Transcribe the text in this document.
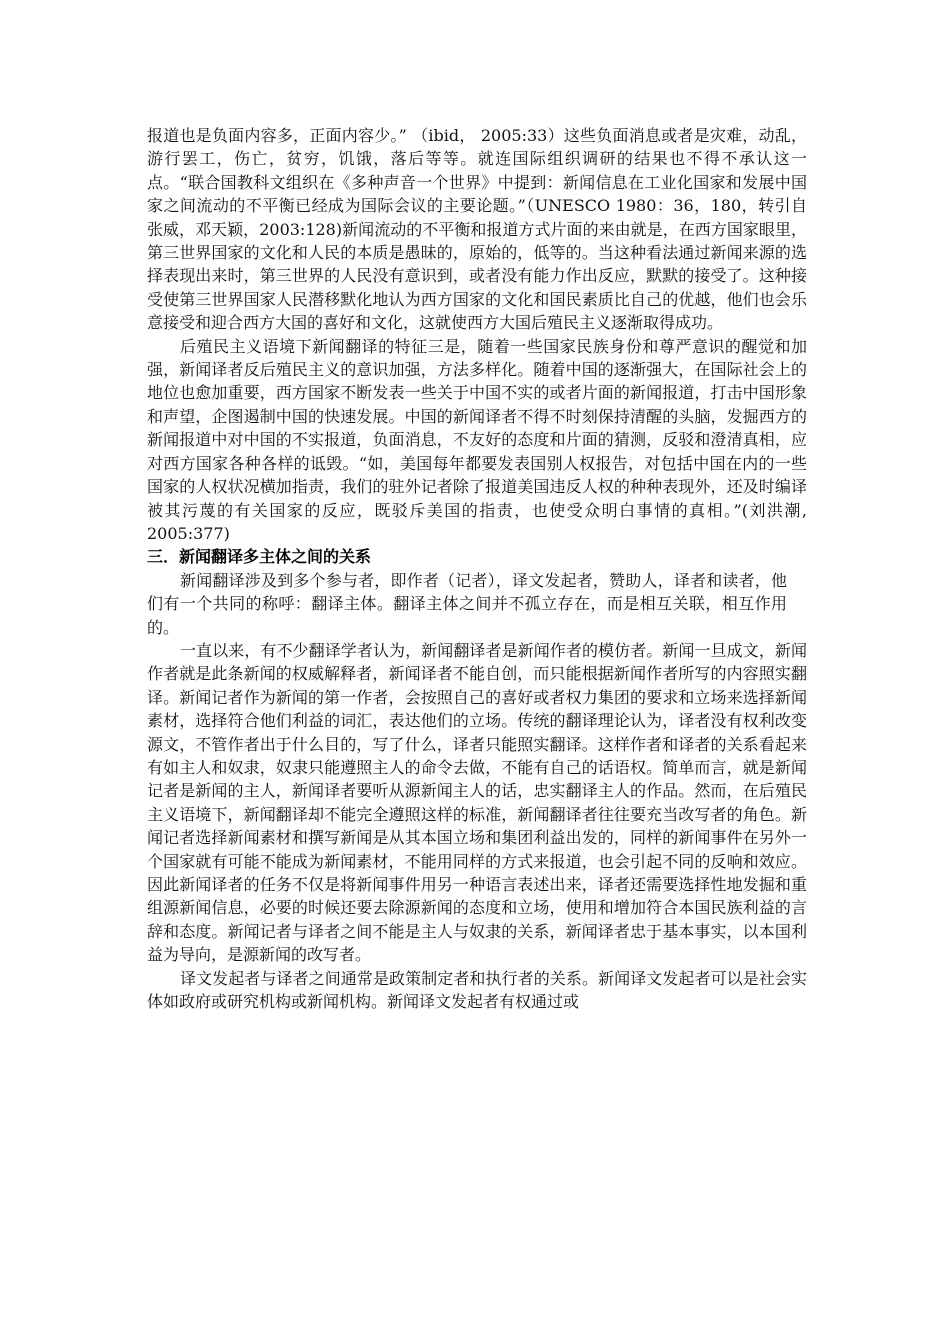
报道也是负面内容多，正面内容少。” （ibid， 2005:33）这些负面消息或者是灾难，动乱，游行罢工，伤亡，贫穷，饥饿，落后等等。就连国际组织调研的结果也不得不承认这一点。“联合国教科文组织在《多种声音一个世界》中提到：新闻信息在工业化国家和发展中国家之间流动的不平衡已经成为国际会议的主要论题。”（UNESCO 1980：36，180，转引自 张威，邓天颖，2003:128)新闻流动的不平衡和报道方式片面的来由就是，在西方国家眼里，第三世界国家的文化和人民的本质是愚昧的，原始的，低等的。当这种看法通过新闻来源的选择表现出来时，第三世界的人民没有意识到，或者没有能力作出反应，默默的接受了。这种接受使第三世界国家人民潜移默化地认为西方国家的文化和国民素质比自己的优越，他们也会乐意接受和迎合西方大国的喜好和文化，这就使西方大国后殖民主义逐渐取得成功。

后殖民主义语境下新闻翻译的特征三是，随着一些国家民族身份和尊严意识的醒觉和加强，新闻译者反后殖民主义的意识加强，方法多样化。随着中国的逐渐强大，在国际社会上的地位也愈加重要，西方国家不断发表一些关于中国不实的或者片面的新闻报道，打击中国形象和声望，企图遏制中国的快速发展。中国的新闻译者不得不时刻保持清醒的头脑，发掘西方的新闻报道中对中国的不实报道，负面消息，不友好的态度和片面的猜测，反驳和澄清真相，应对西方国家各种各样的诋毁。“如，美国每年都要发表国别人权报告，对包括中国在内的一些国家的人权状况横加指责，我们的驻外记者除了报道美国违反人权的种种表现外，还及时编译被其污蔑的有关国家的反应，既驳斥美国的指责，也使受众明白事情的真相。”(刘洪潮, 2005:377)

三．新闻翻译多主体之间的关系

新闻翻译涉及到多个参与者，即作者（记者），译文发起者，赞助人，译者和读者，他们有一个共同的称呼：翻译主体。翻译主体之间并不孤立存在，而是相互关联，相互作用的。

一直以来，有不少翻译学者认为，新闻翻译者是新闻作者的模仿者。新闻一旦成文，新闻作者就是此条新闻的权威解释者，新闻译者不能自创，而只能根据新闻作者所写的内容照实翻译。新闻记者作为新闻的第一作者，会按照自己的喜好或者权力集团的要求和立场来选择新闻素材，选择符合他们利益的词汇，表达他们的立场。传统的翻译理论认为，译者没有权利改变源文，不管作者出于什么目的，写了什么，译者只能照实翻译。这样作者和译者的关系看起来有如主人和奴隶，奴隶只能遵照主人的命令去做，不能有自己的话语权。简单而言，就是新闻记者是新闻的主人，新闻译者要听从源新闻主人的话，忠实翻译主人的作品。然而，在后殖民主义语境下，新闻翻译却不能完全遵照这样的标准，新闻翻译者往往要充当改写者的角色。新闻记者选择新闻素材和撰写新闻是从其本国立场和集团利益出发的，同样的新闻事件在另外一个国家就有可能不能成为新闻素材，不能用同样的方式来报道，也会引起不同的反响和效应。因此新闻译者的任务不仅是将新闻事件用另一种语言表述出来，译者还需要选择性地发掘和重组源新闻信息，必要的时候还要去除源新闻的态度和立场，使用和增加符合本国民族利益的言辞和态度。新闻记者与译者之间不能是主人与奴隶的关系，新闻译者忠于基本事实，以本国利益为导向，是源新闻的改写者。

译文发起者与译者之间通常是政策制定者和执行者的关系。新闻译文发起者可以是社会实体如政府或研究机构或新闻机构。新闻译文发起者有权通过或
